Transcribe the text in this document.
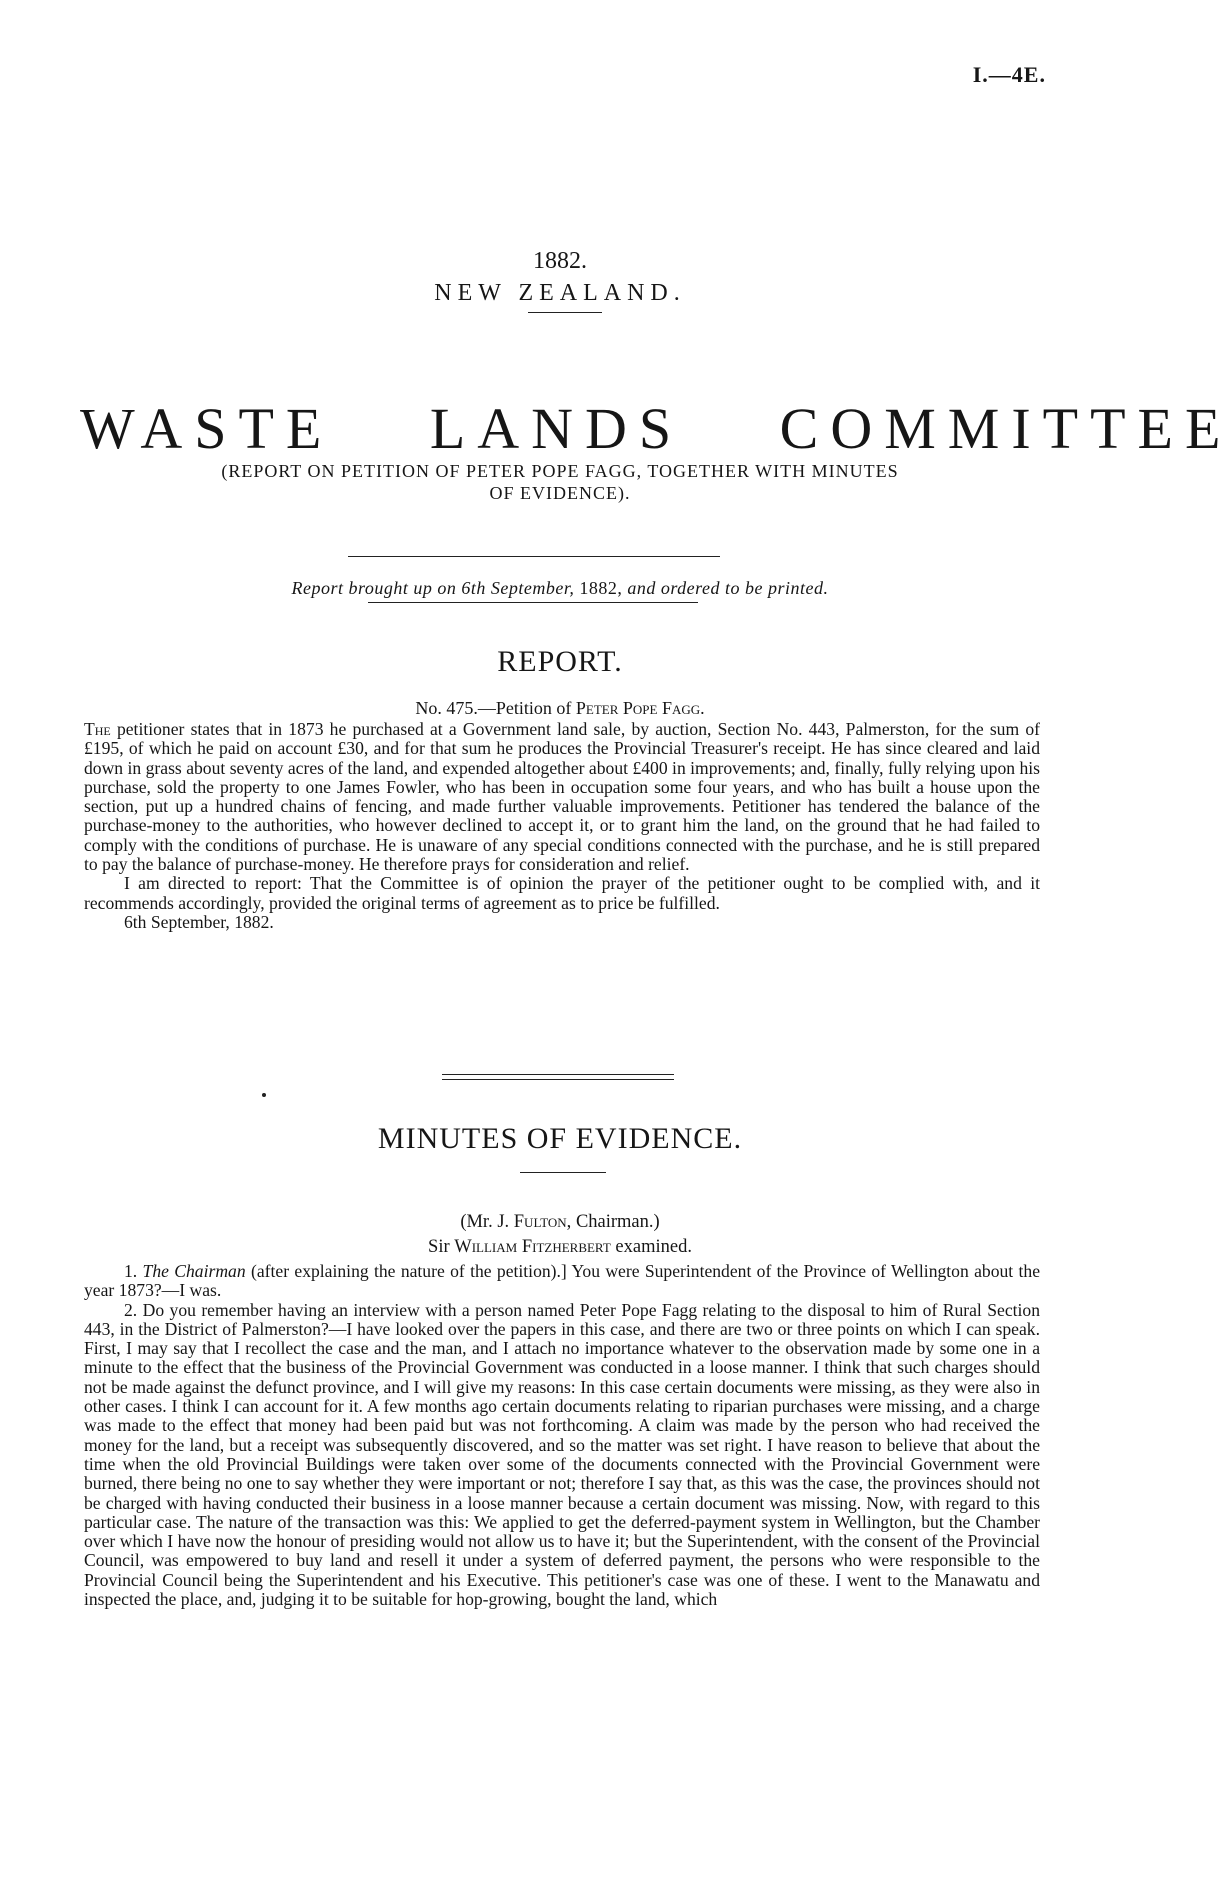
I.—4E.
1882.
NEW ZEALAND.
WASTE LANDS COMMITTEE
(REPORT ON PETITION OF PETER POPE FAGG, TOGETHER WITH MINUTES
OF EVIDENCE).
Report brought up on 6th September, 1882, and ordered to be printed.
REPORT.
No. 475.—Petition of Peter Pope Fagg.

The petitioner states that in 1873 he purchased at a Government land sale, by auction, Section No. 443, Palmerston, for the sum of £195, of which he paid on account £30, and for that sum he produces the Provincial Treasurer's receipt. He has since cleared and laid down in grass about seventy acres of the land, and expended altogether about £400 in improvements; and, finally, fully relying upon his purchase, sold the property to one James Fowler, who has been in occupation some four years, and who has built a house upon the section, put up a hundred chains of fencing, and made further valuable improvements. Petitioner has tendered the balance of the purchase-money to the authorities, who however declined to accept it, or to grant him the land, on the ground that he had failed to comply with the conditions of purchase. He is unaware of any special conditions connected with the purchase, and he is still prepared to pay the balance of purchase-money. He therefore prays for consideration and relief.

I am directed to report: That the Committee is of opinion the prayer of the petitioner ought to be complied with, and it recommends accordingly, provided the original terms of agreement as to price be fulfilled.

6th September, 1882.

MINUTES OF EVIDENCE.
(Mr. J. Fulton, Chairman.)
Sir William Fitzherbert examined.

1. The Chairman (after explaining the nature of the petition).] You were Superintendent of the Province of Wellington about the year 1873?—I was.

2. Do you remember having an interview with a person named Peter Pope Fagg relating to the disposal to him of Rural Section 443, in the District of Palmerston?—I have looked over the papers in this case, and there are two or three points on which I can speak. First, I may say that I recollect the case and the man, and I attach no importance whatever to the observation made by some one in a minute to the effect that the business of the Provincial Government was conducted in a loose manner. I think that such charges should not be made against the defunct province, and I will give my reasons: In this case certain documents were missing, as they were also in other cases. I think I can account for it. A few months ago certain documents relating to riparian purchases were missing, and a charge was made to the effect that money had been paid but was not forthcoming. A claim was made by the person who had received the money for the land, but a receipt was subsequently discovered, and so the matter was set right. I have reason to believe that about the time when the old Provincial Buildings were taken over some of the documents connected with the Provincial Government were burned, there being no one to say whether they were important or not; therefore I say that, as this was the case, the provinces should not be charged with having conducted their business in a loose manner because a certain document was missing. Now, with regard to this particular case. The nature of the transaction was this: We applied to get the deferred-payment system in Wellington, but the Chamber over which I have now the honour of presiding would not allow us to have it; but the Superintendent, with the consent of the Provincial Council, was empowered to buy land and resell it under a system of deferred payment, the persons who were responsible to the Provincial Council being the Superintendent and his Executive. This petitioner's case was one of these. I went to the Manawatu and inspected the place, and, judging it to be suitable for hop-growing, bought the land, which
